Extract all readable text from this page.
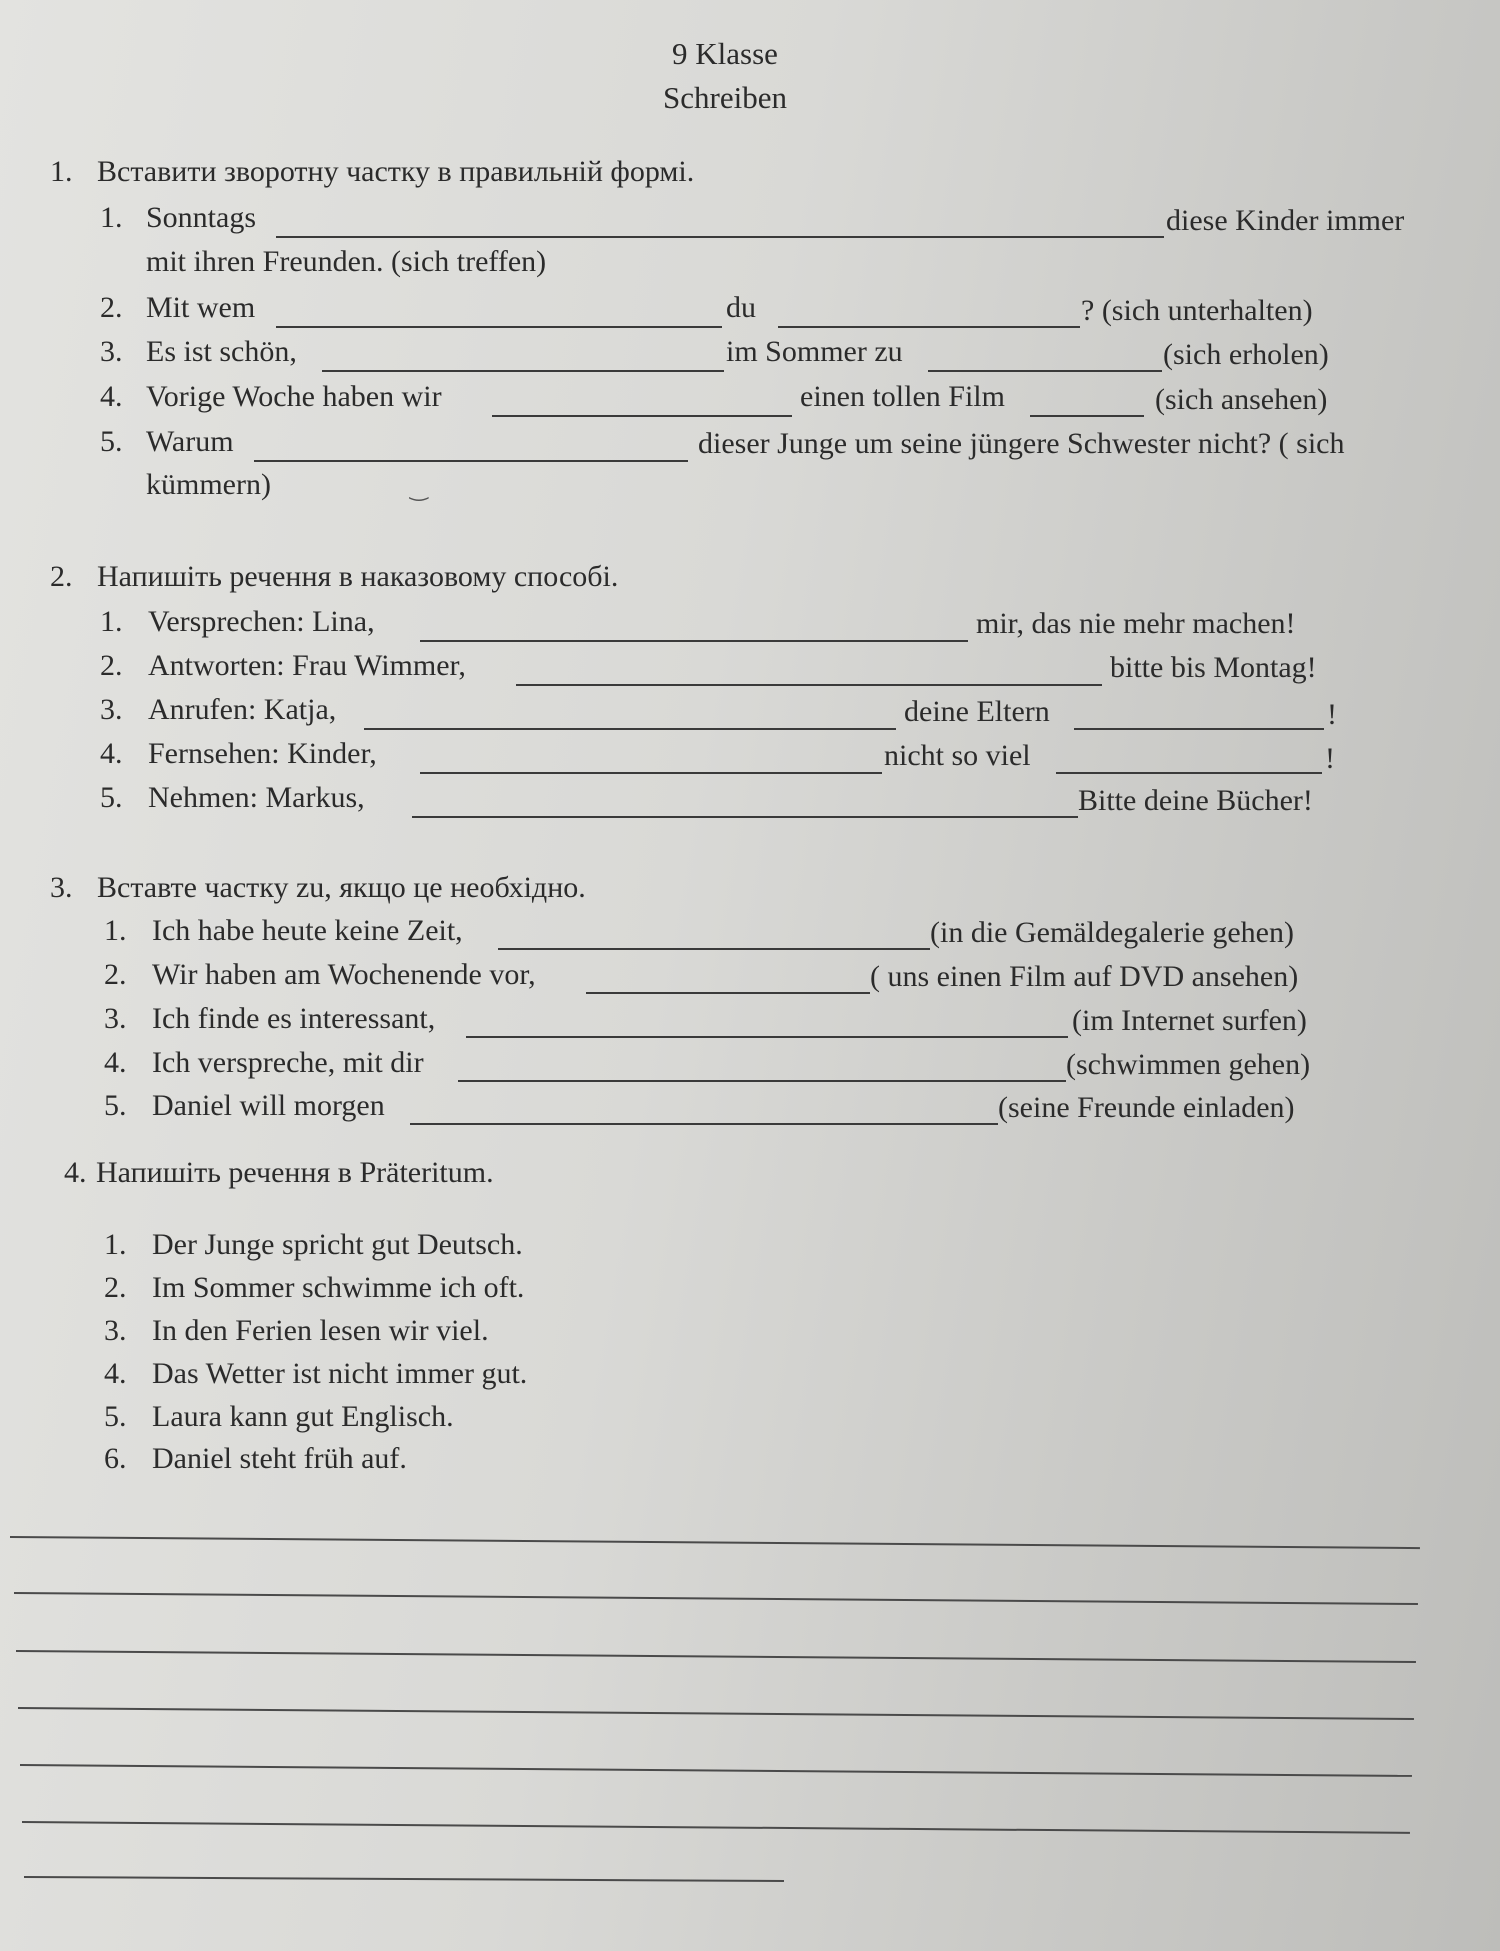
9 Klasse
Schreiben
1. Вставити зворотну частку в правильній формі.
1. Sonntags	diese Kinder immer
mit ihren Freunden. (sich treffen)
2. Mit wem	du	? (sich unterhalten)
3. Es ist schön,	im Sommer zu	(sich erholen)
4. Vorige Woche haben wir	einen tollen Film	(sich ansehen)
5. Warum	dieser Junge um seine jüngere Schwester nicht? ( sich
kümmern)	‿
2. Напишіть речення в наказовому способі.
1. Versprechen: Lina,	mir, das nie mehr machen!
2. Antworten: Frau Wimmer,	bitte bis Montag!
3. Anrufen: Katja,	deine Eltern	!
4. Fernsehen: Kinder,	nicht so viel	!
5. Nehmen: Markus,	Bitte deine Bücher!
3. Вставте частку zu, якщо це необхідно.
1. Ich habe heute keine Zeit,	(in die Gemäldegalerie gehen)
2. Wir haben am Wochenende vor,	( uns einen Film auf DVD ansehen)
3. Ich finde es interessant,	(im Internet surfen)
4. Ich verspreche, mit dir	(schwimmen gehen)
5. Daniel will morgen	(seine Freunde einladen)
4. Напишіть речення в Präteritum.
1. Der Junge spricht gut Deutsch.
2. Im Sommer schwimme ich oft.
3. In den Ferien lesen wir viel.
4. Das Wetter ist nicht immer gut.
5. Laura kann gut Englisch.
6. Daniel steht früh auf.
